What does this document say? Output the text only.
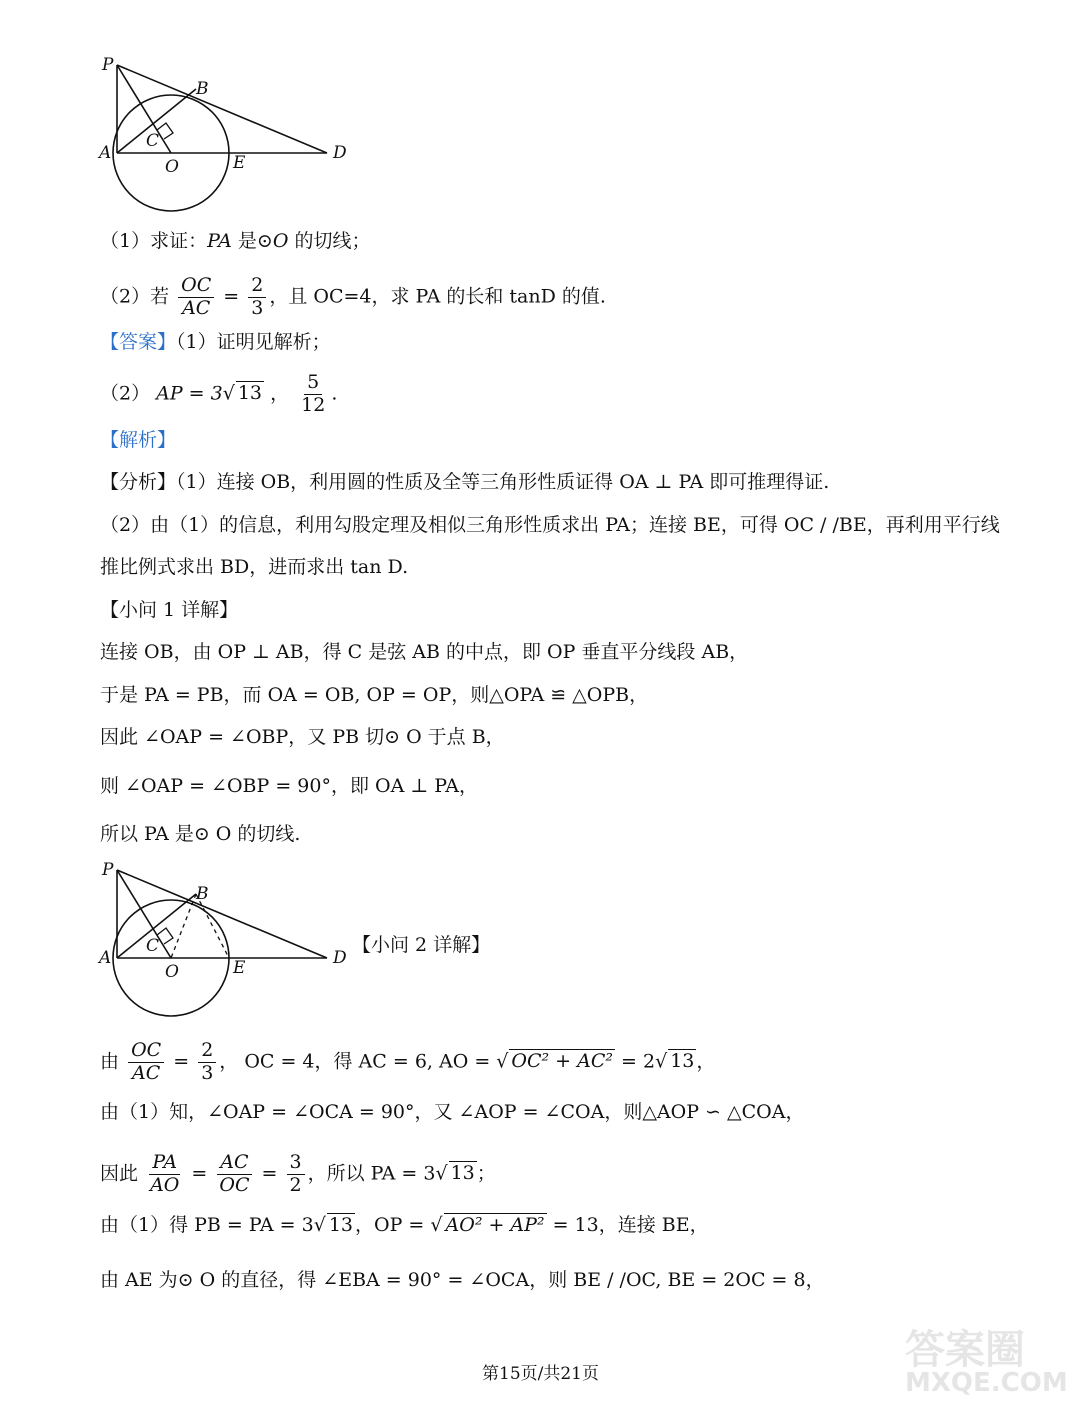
P
B
C
A
O	E	D
（1）求证：PA 是⊙O 的切线；
（2）若 $\frac{OC}{AC} = \frac{2}{3}$ ，且 OC=4，求 PA 的长和 tanD 的值.
【答案】（1）证明见解析；
（2） AP = 3√ 13 ， $\frac{5}{12}$ .
【解析】
【分析】（1）连接 OB，利用圆的性质及全等三角形性质证得 OA ⊥ PA 即可推理得证.
（2）由（1）的信息，利用勾股定理及相似三角形性质求出 PA；连接 BE，可得 OC / /BE，再利用平行线
推比例式求出 BD，进而求出 tan D.
【小问 1 详解】
连接 OB，由 OP ⊥ AB，得 C 是弦 AB 的中点，即 OP 垂直平分线段 AB，
于是 PA = PB，而 OA = OB, OP = OP，则△OPA ≌ △OPB，
因此 ∠OAP = ∠OBP，又 PB 切⊙ O 于点 B，
则 ∠OAP = ∠OBP = 90°，即 OA ⊥ PA，
所以 PA 是⊙ O 的切线.
P
B
C
A
O	E	D
【小问 2 详解】
由 $\frac{OC}{AC} = \frac{2}{3}$ ， OC = 4，得 AC = 6, AO = √ OC² + AC² = 2√ 13 ，
由（1）知，∠OAP = ∠OCA = 90°，又 ∠AOP = ∠COA，则△AOP ∽ △COA，
因此 $\frac{PA}{AO} = \frac{AC}{OC} = \frac{3}{2}$ ，所以 PA = 3√ 13 ；
由（1）得 PB = PA = 3√ 13 ，OP = √ AO² + AP² = 13，连接 BE，
由 AE 为⊙ O 的直径，得 ∠EBA = 90° = ∠OCA，则 BE / /OC, BE = 2OC = 8，
第15页/共21页
答案圈
MXQE.COM
